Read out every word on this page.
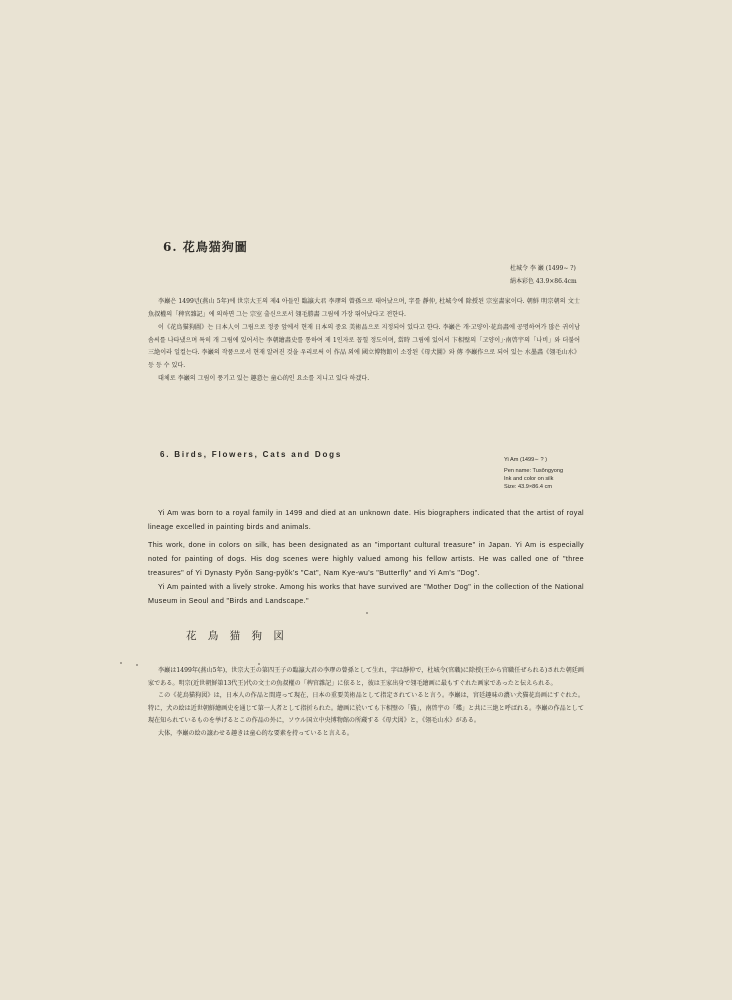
6. 花鳥猫狗圖
杜城令 李 巖 (1499∼ ?)
絹本彩色 43.9×86.4cm

李巖은 1499년(燕山 5年)에 世宗大王의 제4 아들인 臨瀛大君 李璆의 曾孫으로 태어났으며, 字를 靜仲, 杜城令에 除授된 宗室畵家이다. 朝鮮 明宗朝의 文士 魚叔權의「稗官雜記」에 의하면 그는 宗室 출신으로서 翎毛勝畵 그림에 가장 뛰어났다고 전한다.

이《花鳥猫狗圖》는 日本人이 그림으로 정중 앞에서 현재 日本의 중요 美術品으로 지정되어 있다고 한다. 李巖은 개·고양이·花鳥畵에 공명하여가 많은 귀이남 솜씨를 나타냈으며 특히 개 그림에 있어서는 李朝繪畵史를 통하여 제 1인자로 꼽힐 정도이며, 當時 그림에 있어서 卞相壁의「고양이」·南啓宇의「나비」와 더불어 三絶이라 일컬는다. 李巖의 작품으로서 현재 알려진 것을 우리로써 이 作品 외에 國立博物館이 소장된《母犬圖》와 傳 李巖作으로 되어 있는 水墨畵《翎毛山水》등 등 수 있다.

대체로 李巖의 그림이 풍기고 있는 趣意는 童心的인 요소를 지니고 있다 하겠다.

6. Birds, Flowers, Cats and Dogs
Yi Am (1499∼ ? )
Pen name: Tusŏngyong
Ink and color on silk
Size: 43.9×86.4 cm

Yi Am was born to a royal family in 1499 and died at an unknown date. His biographers indicated that the artist of royal lineage excelled in painting birds and animals.

This work, done in colors on silk, has been designated as an "important cultural treasure" in Japan. Yi Am is especially noted for painting of dogs. His dog scenes were highly valued among his fellow artists. He was called one of "three treasures" of Yi Dynasty Pyŏn Sang-pyŏk's "Cat", Nam Kye-wu's "Butterfly" and Yi Am's "Dog".

Yi Am painted with a lively stroke. Among his works that have survived are "Mother Dog" in the collection of the National Museum in Seoul and "Birds and Landscape."

花 鳥 猫 狗 図

李巖は1499年(燕山5年)，世宗大王の第四王子の臨瀛大君の李璆の曾孫として生れ，字は靜仲で，杜城令(官職)に除授(王から官職任ぜられる)された朝廷画家である。明宗(近世朝鮮第13代王)代の文士の魚叔權の「稗官雜記」に依ると，彼は王家出身で翎毛繪画に最もすぐれた画家であったと伝えられる。

この《花鳥猫狗図》は，日本人の作品と間違って現在，日本の重要美術品として指定されていると言う。李巖は，宮廷趣味の濃い犬猫花鳥画にすぐれた。特に，犬の絵は近世朝鮮繪画史を通じて第一人者として指折られた。繪画に於いても卞相璧の「猫」，南啓宇の「蝶」と共に三絶と呼ばれる。李巖の作品として現在知られているものを挙げるとこの作品の外に，ソウル国立中央博物館の所蔵する《母犬図》と，《翎毛山水》がある。

大体，李巖の絵の譲わせる趣きは童心的な要素を持っていると言える。
